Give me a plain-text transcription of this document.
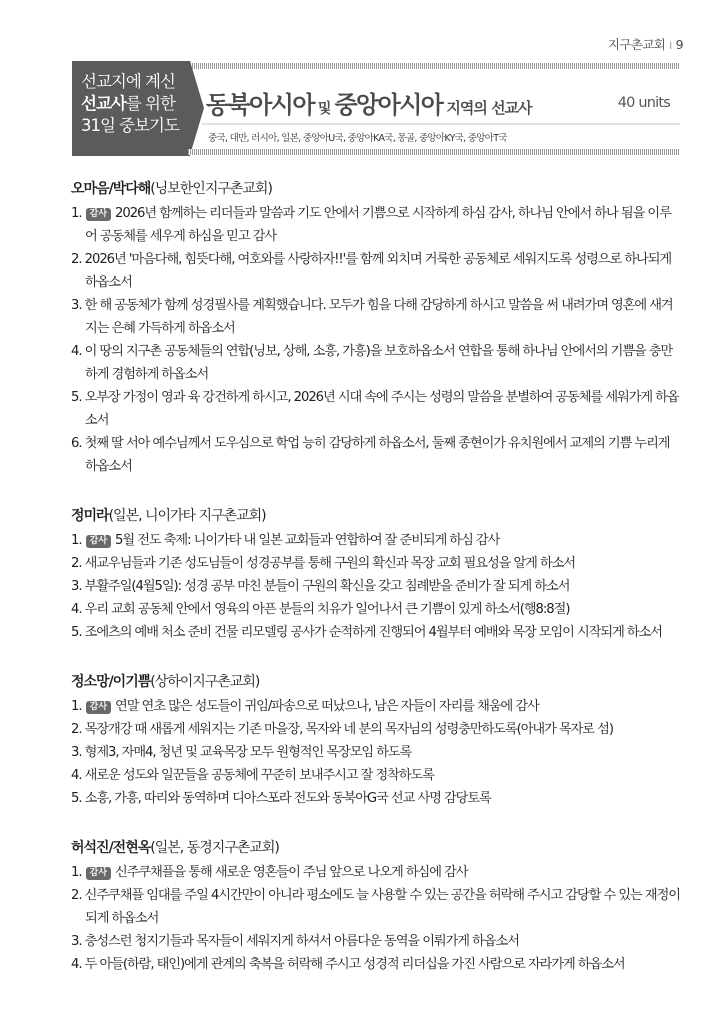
지구촌교회 I 9
선교지에 계신
선교사를 위한
31일 중보기도
동북아시아 및 중앙아시아 지역의 선교사	40 units
중국, 대만, 러시아, 일본, 중앙아U국, 중앙아KA국, 몽골, 중앙아KY국, 중앙아T국
오마음/박다해(닝보한인지구촌교회)
1. 감사 2026년 함께하는 리더들과 말씀과 기도 안에서 기쁨으로 시작하게 하심 감사, 하나님 안에서 하나 됨을 이루어 공동체를 세우게 하심을 믿고 감사
2. 2026년 '마음다해, 힘뜻다해, 여호와를 사랑하자!!'를 함께 외치며 거룩한 공동체로 세워지도록 성령으로 하나되게 하옵소서
3. 한 해 공동체가 함께 성경필사를 계획했습니다. 모두가 힘을 다해 감당하게 하시고 말씀을 써 내려가며 영혼에 새겨지는 은혜 가득하게 하옵소서
4. 이 땅의 지구촌 공동체들의 연합(닝보, 상해, 소흥, 가흥)을 보호하옵소서 연합을 통해 하나님 안에서의 기쁨을 충만하게 경험하게 하옵소서
5. 오부장 가정이 영과 육 강건하게 하시고, 2026년 시대 속에 주시는 성령의 말씀을 분별하여 공동체를 세워가게 하옵소서
6. 첫째 딸 서아 예수님께서 도우심으로 학업 능히 감당하게 하옵소서, 둘째 종현이가 유치원에서 교제의 기쁨 누리게 하옵소서
정미라(일본, 니이가타 지구촌교회)
1. 감사 5월 전도 축제: 니이가타 내 일본 교회들과 연합하여 잘 준비되게 하심 감사
2. 새교우님들과 기존 성도님들이 성경공부를 통해 구원의 확신과 목장 교회 필요성을 알게 하소서
3. 부활주일(4월5일): 성경 공부 마친 분들이 구원의 확신을 갖고 침례받을 준비가 잘 되게 하소서
4. 우리 교회 공동체 안에서 영육의 아픈 분들의 치유가 일어나서 큰 기쁨이 있게 하소서(행8:8절)
5. 조에츠의 예배 처소 준비 건물 리모델링 공사가 순적하게 진행되어 4월부터 예배와 목장 모임이 시작되게 하소서
정소망/이기쁨(상하이지구촌교회)
1. 감사 연말 연초 많은 성도들이 귀임/파송으로 떠났으나, 남은 자들이 자리를 채움에 감사
2. 목장개강 때 새롭게 세워지는 기존 마을장, 목자와 네 분의 목자님의 성령충만하도록(아내가 목자로 섬)
3. 형제3, 자매4, 청년 및 교육목장 모두 원형적인 목장모임 하도록
4. 새로운 성도와 일꾼들을 공동체에 꾸준히 보내주시고 잘 정착하도록
5. 소흥, 가흥, 따리와 동역하며 디아스포라 전도와 동북아G국 선교 사명 감당토록
허석진/전현옥(일본, 동경지구촌교회)
1. 감사 신주쿠채플을 통해 새로운 영혼들이 주님 앞으로 나오게 하심에 감사
2. 신주쿠채플 임대를 주일 4시간만이 아니라 평소에도 늘 사용할 수 있는 공간을 허락해 주시고 감당할 수 있는 재정이 되게 하옵소서
3. 충성스런 청지기들과 목자들이 세워지게 하셔서 아름다운 동역을 이뤄가게 하옵소서
4. 두 아들(하람, 태인)에게 관계의 축복을 허락해 주시고 성경적 리더십을 가진 사람으로 자라가게 하옵소서
